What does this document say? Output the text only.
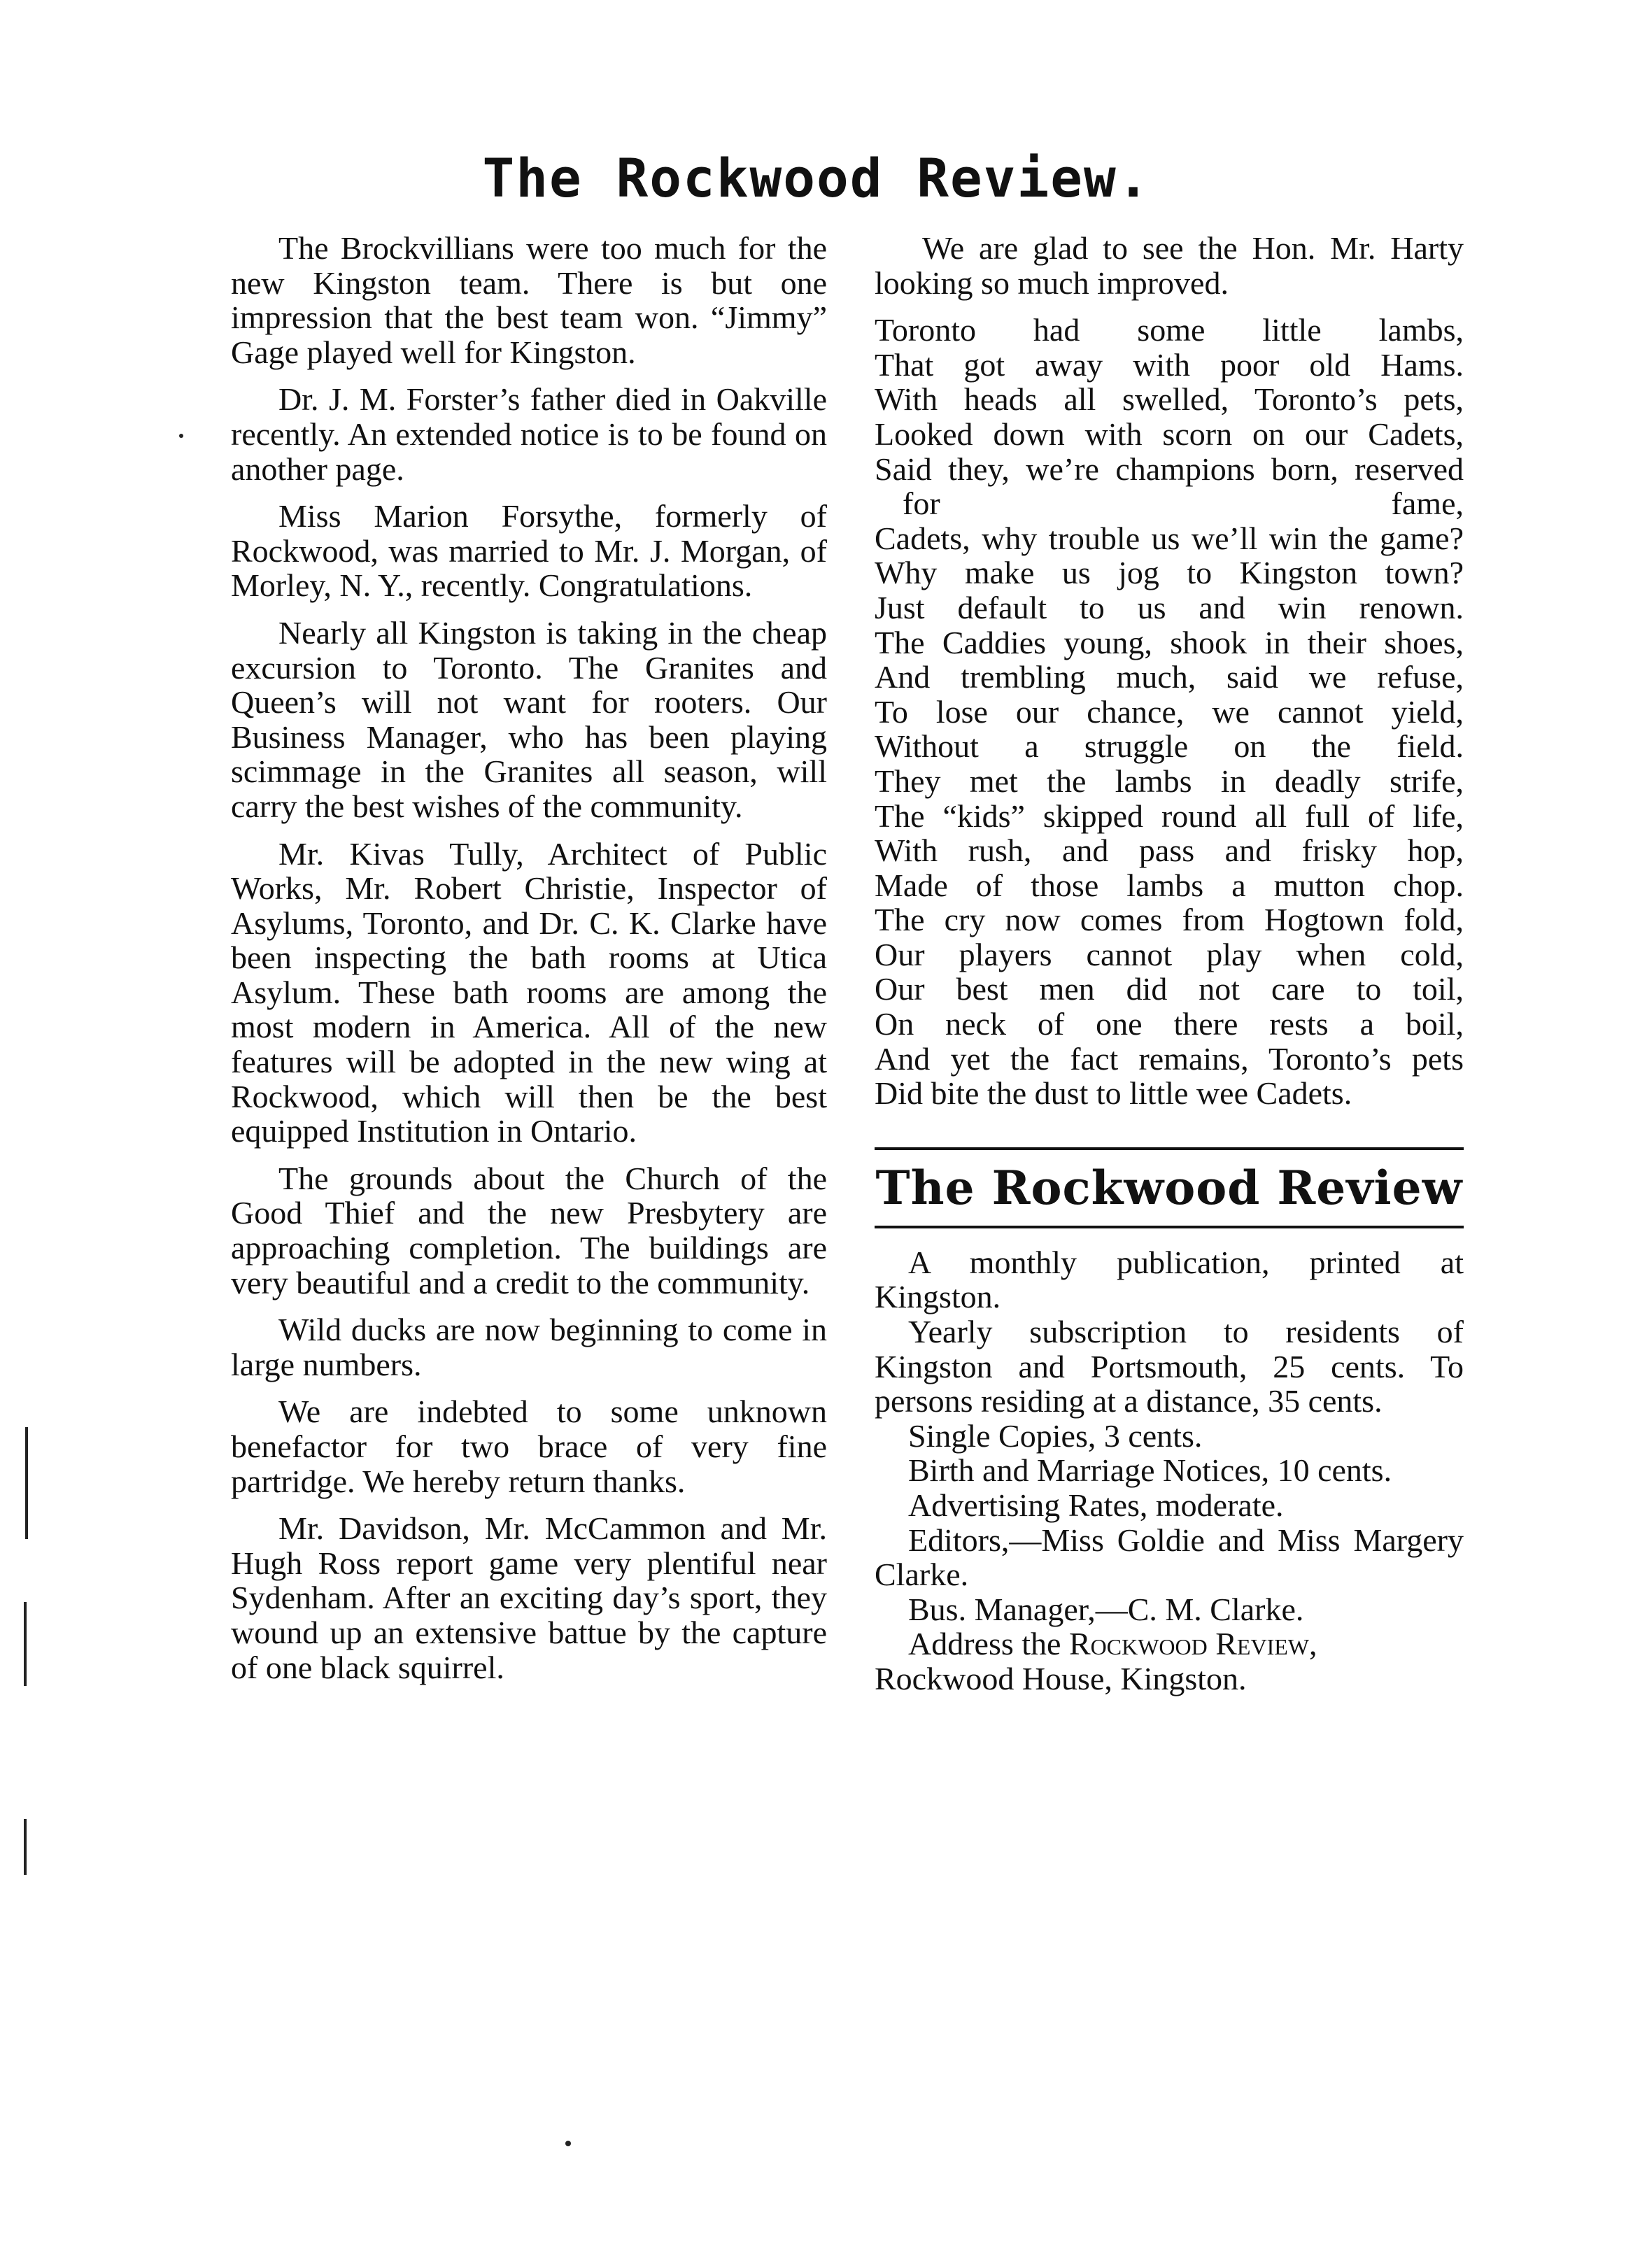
The Rockwood Review.

The Brockvillians were too much for the new Kingston team. There is but one impression that the best team won. “Jimmy” Gage played well for Kingston.

Dr. J. M. Forster’s father died in Oakville recently. An extended notice is to be found on another page.

Miss Marion Forsythe, formerly of Rockwood, was married to Mr. J. Morgan, of Morley, N. Y., recently. Congratulations.

Nearly all Kingston is taking in the cheap excursion to Toronto. The Granites and Queen’s will not want for rooters. Our Business Manager, who has been playing scimmage in the Granites all season, will carry the best wishes of the community.

Mr. Kivas Tully, Architect of Public Works, Mr. Robert Christie, Inspector of Asylums, Toronto, and Dr. C. K. Clarke have been inspecting the bath rooms at Utica Asylum. These bath rooms are among the most modern in America. All of the new features will be adopted in the new wing at Rockwood, which will then be the best equipped Institution in Ontario.

The grounds about the Church of the Good Thief and the new Presbytery are approaching completion. The buildings are very beautiful and a credit to the community.

Wild ducks are now beginning to come in large numbers.

We are indebted to some unknown benefactor for two brace of very fine partridge. We hereby return thanks.

Mr. Davidson, Mr. McCammon and Mr. Hugh Ross report game very plentiful near Sydenham. After an exciting day’s sport, they wound up an extensive battue by the capture of one black squirrel.

We are glad to see the Hon. Mr. Harty looking so much improved.

Toronto had some little lambs,

That got away with poor old Hams.

With heads all swelled, Toronto’s pets,

Looked down with scorn on our Cadets,

Said they, we’re champions born, reserved for fame,

Cadets, why trouble us we’ll win the game?

Why make us jog to Kingston town?

Just default to us and win renown.

The Caddies young, shook in their shoes,

And trembling much, said we refuse,

To lose our chance, we cannot yield,

Without a struggle on the field.

They met the lambs in deadly strife,

The “kids” skipped round all full of life,

With rush, and pass and frisky hop,

Made of those lambs a mutton chop.

The cry now comes from Hogtown fold,

Our players cannot play when cold,

Our best men did not care to toil,

On neck of one there rests a boil,

And yet the fact remains, Toronto’s pets

Did bite the dust to little wee Cadets.

The Rockwood Review

A monthly publication, printed at Kingston.

Yearly subscription to residents of Kingston and Portsmouth, 25 cents. To persons residing at a distance, 35 cents.

Single Copies, 3 cents.

Birth and Marriage Notices, 10 cents.

Advertising Rates, moderate.

Editors,—Miss Goldie and Miss Margery Clarke.

Bus. Manager,—C. M. Clarke.

Address the Rockwood Review,
Rockwood House, Kingston.
